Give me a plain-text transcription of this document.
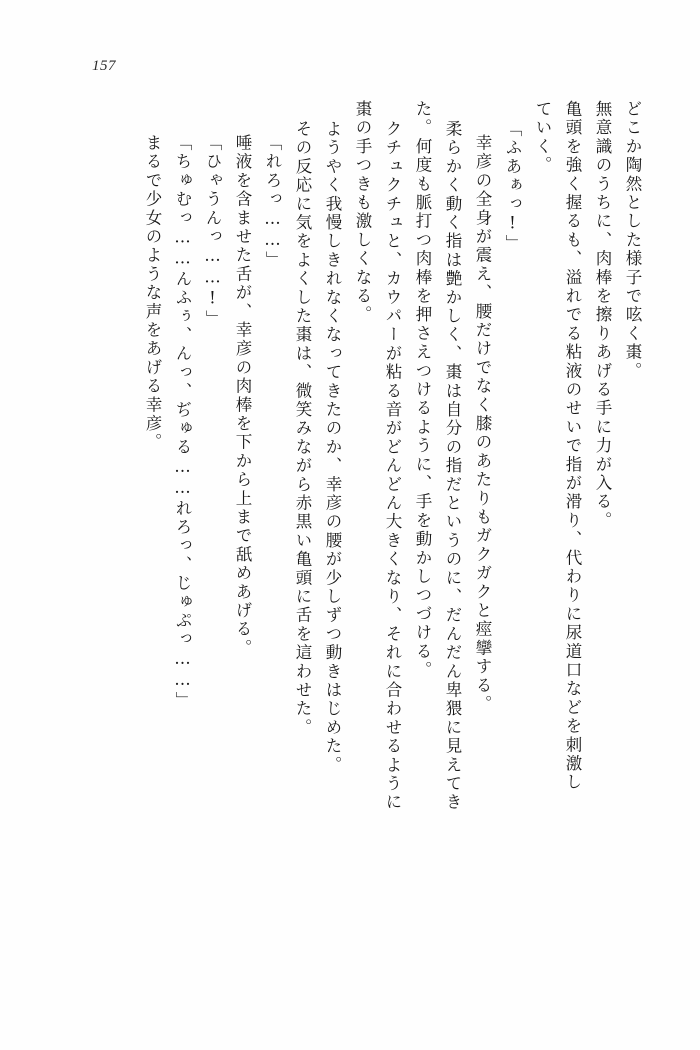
157
どこか陶然とした様子で呟く棗。
無意識のうちに、肉棒を擦りあげる手に力が入る。
亀頭を強く握るも、溢れでる粘液のせいで指が滑り、代わりに尿道口などを刺激し
ていく。
「ふあぁっ!」
幸彦の全身が震え、腰だけでなく膝のあたりもガクガクと痙攣する。
柔らかく動く指は艶かしく、棗は自分の指だというのに、だんだん卑猥に見えてき
た。何度も脈打つ肉棒を押さえつけるように、手を動かしつづける。
クチュクチュと、カウパーが粘る音がどんどん大きくなり、それに合わせるように
棗の手つきも激しくなる。
ようやく我慢しきれなくなってきたのか、幸彦の腰が少しずつ動きはじめた。
その反応に気をよくした棗は、微笑みながら赤黒い亀頭に舌を這わせた。
「れろっ……」
唾液を含ませた舌が、幸彦の肉棒を下から上まで舐めあげる。
「ひゃうんっ……!」
「ちゅむっ……んふぅ、んっ、ぢゅる……れろっ、じゅぷっ……」
まるで少女のような声をあげる幸彦。
